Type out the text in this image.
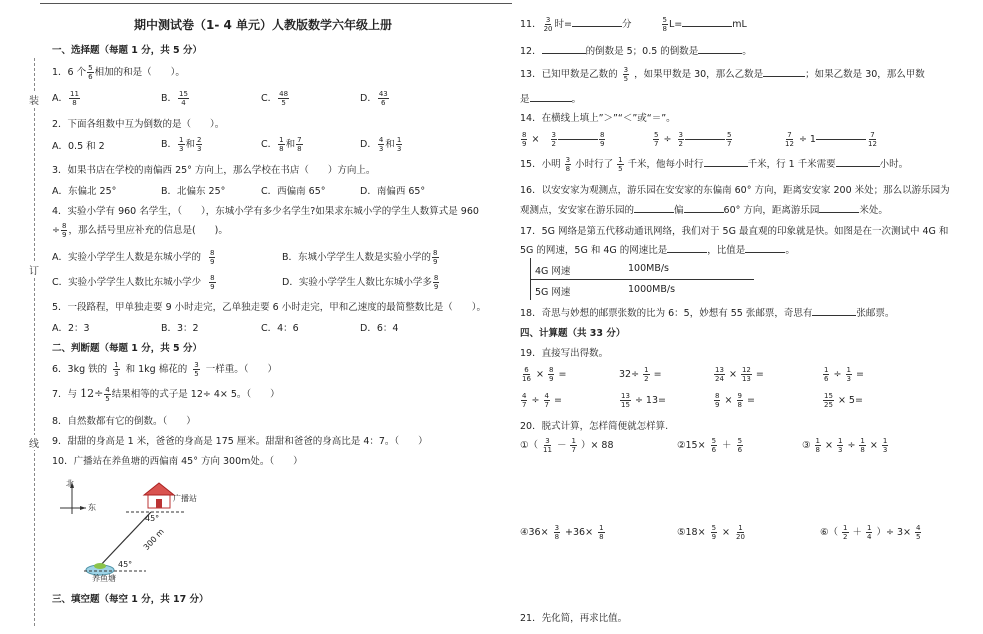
装
订
线
期中测试卷（1- 4 单元）人教版数学六年级上册
一、选择题（每题 1 分，共 5 分）
1．6 个 $\frac{5}{6}$ 相加的和是（　　）。
A． $\frac{11}{8}$	B． $\frac{15}{4}$	C． $\frac{48}{5}$	D． $\frac{43}{6}$
2．下面各组数中互为倒数的是（　　）。
A．0.5 和 2	B． $\frac{1}{3}$ 和 $\frac{2}{3}$	C． $\frac{1}{8}$ 和 $\frac{7}{8}$	D． $\frac{4}{3}$ 和 $\frac{1}{3}$
3．如果书店在学校的南偏西 25° 方向上，那么学校在书店（　　）方向上。
A．东偏北 25°	B．北偏东 25°	C．西偏南 65°	D．南偏西 65°
4．实验小学有 960 名学生，（　　），东城小学有多少名学生?如果求东城小学的学生人数算式是 960
÷ $\frac{8}{9}$ ，那么括号里应补充的信息是(　　)。
A．实验小学学生人数是东城小学的 $\frac{8}{9}$	B．东城小学学生人数是实验小学的 $\frac{8}{9}$
C．实验小学学生人数比东城小学少 $\frac{8}{9}$	D．实验小学学生人数比东城小学多 $\frac{8}{9}$
5．一段路程，甲单独走要 9 小时走完，乙单独走要 6 小时走完，甲和乙速度的最简整数比是（　　）。
A．2：3	B．3：2	C．4：6	D．6：4
二、判断题（每题 1 分，共 5 分）
6．3kg 铁的 $\frac{1}{3}$ 和 1kg 棉花的 $\frac{3}{5}$ 一样重。（　　）
7．与 $12\div \frac{4}{5}$ 结果相等的式子是 12÷ 4× 5。（　　）
8．自然数都有它的倒数。（　　）
9．甜甜的身高是 1 米，爸爸的身高是 175 厘米。甜甜和爸爸的身高比是 4：7。（　　）
10．广播站在养鱼塘的西偏南 45° 方向 300m处。（　　）
北
东
广播站
45°
45°
300 m
养鱼塘
三、填空题（每空 1 分，共 17 分）
11． $\frac{3}{20}$ 时=	分	$\frac{5}{8} L=$	mL
12．	的倒数是 5；0.5 的倒数是	。
13．已知甲数是乙数的 $\frac{3}{5}$ ，如果甲数是 30，那么乙数是	；如果乙数是 30，那么甲数
是	。
14．在横线上填上”＞”“＜”或“＝”。
$\frac{8}{9} \times \frac{3}{2}$	$\frac{8}{9}$	$\frac{5}{7} \div \frac{3}{2}$	$\frac{5}{7}$	$\frac{7}{12} \div 1$	$\frac{7}{12}$
15．小明 $\frac{3}{8}$ 小时行了 $\frac{1}{5}$ 千米，他每小时行	千米，行 1 千米需要	小时。
16．以安安家为观测点，游乐园在安安家的东偏南 60° 方向，距离安安家 200 米处；那么以游乐园为
观测点，安安家在游乐园的	偏	60° 方向，距离游乐园	米处。
17．5G 网络是第五代移动通讯网络，我们对于 5G 最直观的印象就是快。如图是在一次测试中 4G 和
5G 的网速，5G 和 4G 的网速比是	，比值是	。
4G 网速	100MB/s
5G 网速	1000MB/s
18．奇思与妙想的邮票张数的比为 6：5，妙想有 55 张邮票，奇思有	张邮票。
四、计算题（共 33 分）
19．直接写出得数。
$\frac{6}{16} \times \frac{8}{9}$ =	$32\div \frac{1}{2}$ =	$\frac{13}{24} \times \frac{12}{13}$ =	$\frac{1}{6} \div \frac{1}{3}$ =
$\frac{4}{7} \div \frac{4}{7}$ =	$\frac{13}{15} \div 13=$	$\frac{8}{9} \times \frac{9}{8}$ =	$\frac{15}{25} \times 5=$
20．脱式计算，怎样简便就怎样算.
①（ $\frac{3}{11} - \frac{1}{7}$ ）× 88	②15× $\frac{5}{6} + \frac{5}{6}$	③ $\frac{1}{8} \times \frac{1}{3} \div \frac{1}{8} \times \frac{1}{3}$
④36× $\frac{3}{8} +36\times \frac{1}{8}$	⑤18× $\frac{5}{9} \times \frac{1}{20}$	⑥（ $\frac{1}{2} + \frac{1}{4}$ ）÷ $3\times \frac{4}{5}$
21．先化简，再求比值。
